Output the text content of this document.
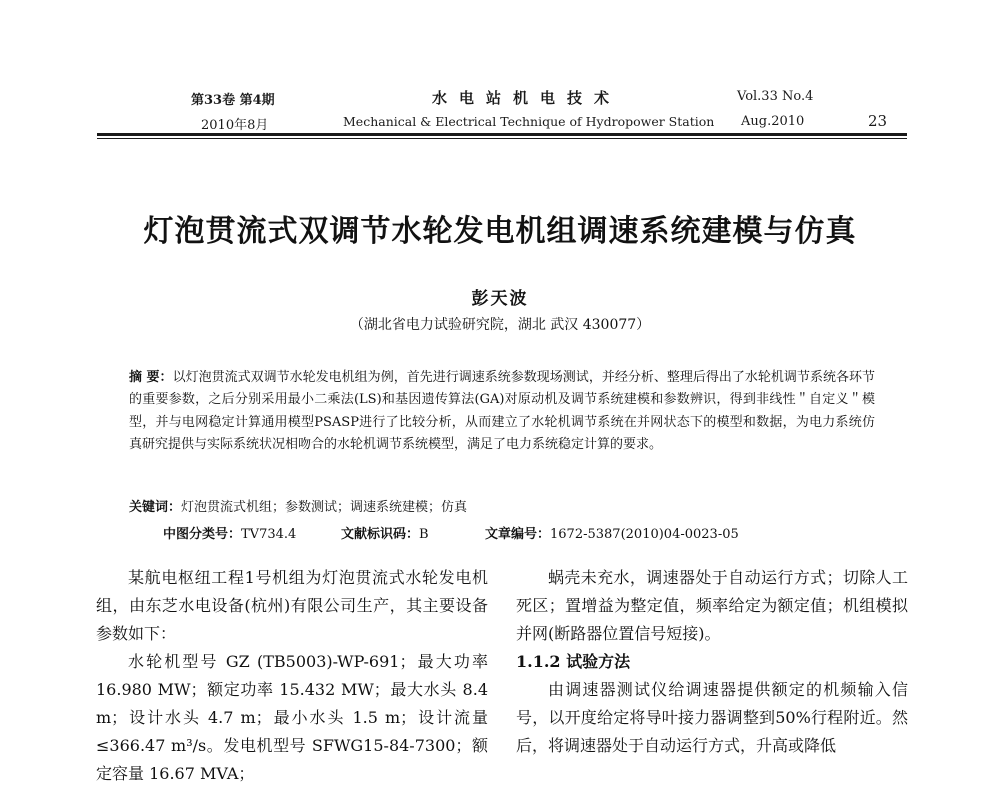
第33卷 第4期	水电站机电技术	Vol.33 No.4
2010年8月	Mechanical & Electrical Technique of Hydropower Station Aug.2010	23
灯泡贯流式双调节水轮发电机组调速系统建模与仿真
彭天波
（湖北省电力试验研究院，湖北 武汉 430077）
摘 要：以灯泡贯流式双调节水轮发电机组为例，首先进行调速系统参数现场测试，并经分析、整理后得出了水轮机调节系统各环节的重要参数，之后分别采用最小二乘法(LS)和基因遗传算法(GA)对原动机及调节系统建模和参数辨识，得到非线性＂自定义＂模型，并与电网稳定计算通用模型PSASP进行了比较分析，从而建立了水轮机调节系统在并网状态下的模型和数据，为电力系统仿真研究提供与实际系统状况相吻合的水轮机调节系统模型，满足了电力系统稳定计算的要求。
关键词：灯泡贯流式机组；参数测试；调速系统建模；仿真
中图分类号：TV734.4	文献标识码：B	文章编号：1672-5387(2010)04-0023-05

某航电枢纽工程1号机组为灯泡贯流式水轮发电机组，由东芝水电设备(杭州)有限公司生产，其主要设备参数如下：

水轮机型号 GZ (TB5003)-WP-691；最大功率16.980 MW；额定功率 15.432 MW；最大水头 8.4 m；设计水头 4.7 m；最小水头 1.5 m；设计流量≤366.47 m³/s。发电机型号 SFWG15-84-7300；额定容量 16.67 MVA；

蜗壳未充水，调速器处于自动运行方式；切除人工死区；置增益为整定值，频率给定为额定值；机组模拟并网(断路器位置信号短接)。

1.1.2 试验方法

由调速器测试仪给调速器提供额定的机频输入信号，以开度给定将导叶接力器调整到50%行程附近。然后，将调速器处于自动运行方式，升高或降低
